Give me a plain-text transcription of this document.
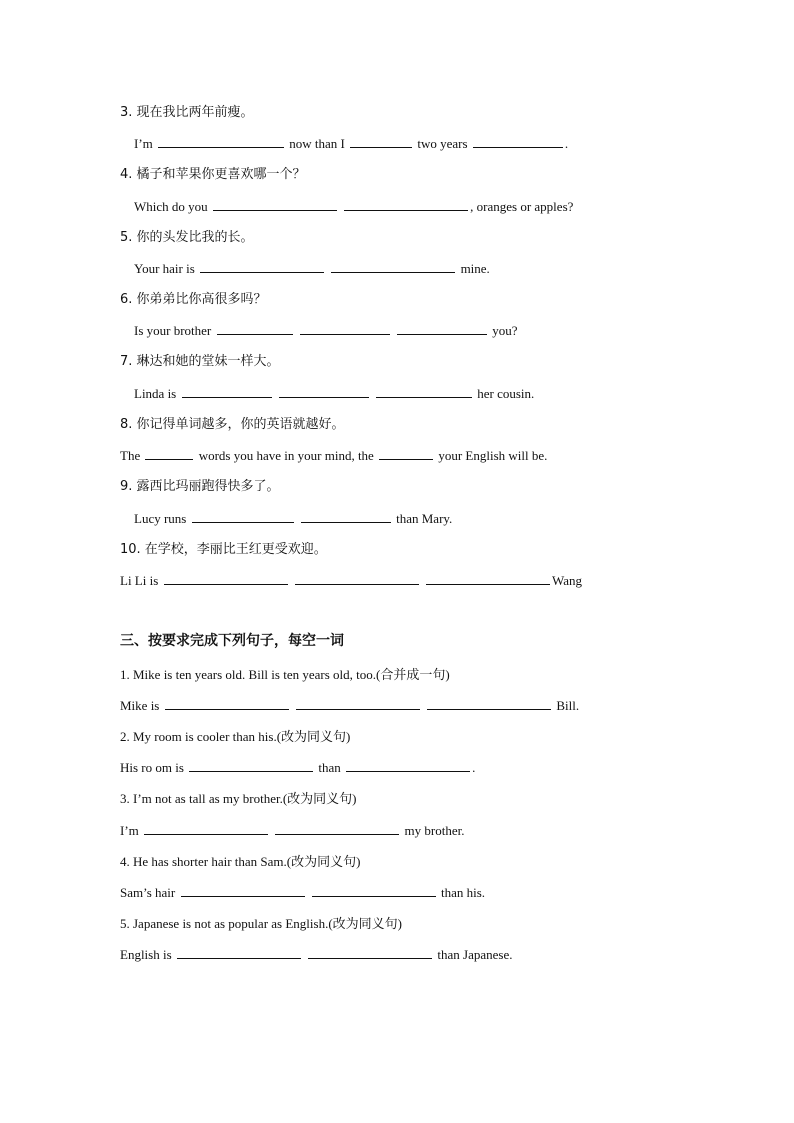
3. 现在我比两年前瘦。
I’m	now than I	two years	.
4. 橘子和苹果你更喜欢哪一个？
Which do you	, oranges or apples?
5. 你的头发比我的长。
Your hair is	mine.
6. 你弟弟比你高很多吗？
Is your brother	you?
7. 琳达和她的堂妹一样大。
Linda is	her cousin.
8. 你记得单词越多，你的英语就越好。
The	words you have in your mind, the	your English will be.
9. 露西比玛丽跑得快多了。
Lucy runs	than Mary.
10. 在学校，李丽比王红更受欢迎。
Li Li is	Wang
三、按要求完成下列句子，每空一词
1. Mike is ten years old. Bill is ten years old, too.(合并成一句)
Mike is	Bill.
2. My room is cooler than his.(改为同义句)
His ro om is	than	.
3. I’m not as tall as my brother.(改为同义句)
I’m	my brother.
4. He has shorter hair than Sam.(改为同义句)
Sam’s hair	than his.
5. Japanese is not as popular as English.(改为同义句)
English is	than Japanese.
